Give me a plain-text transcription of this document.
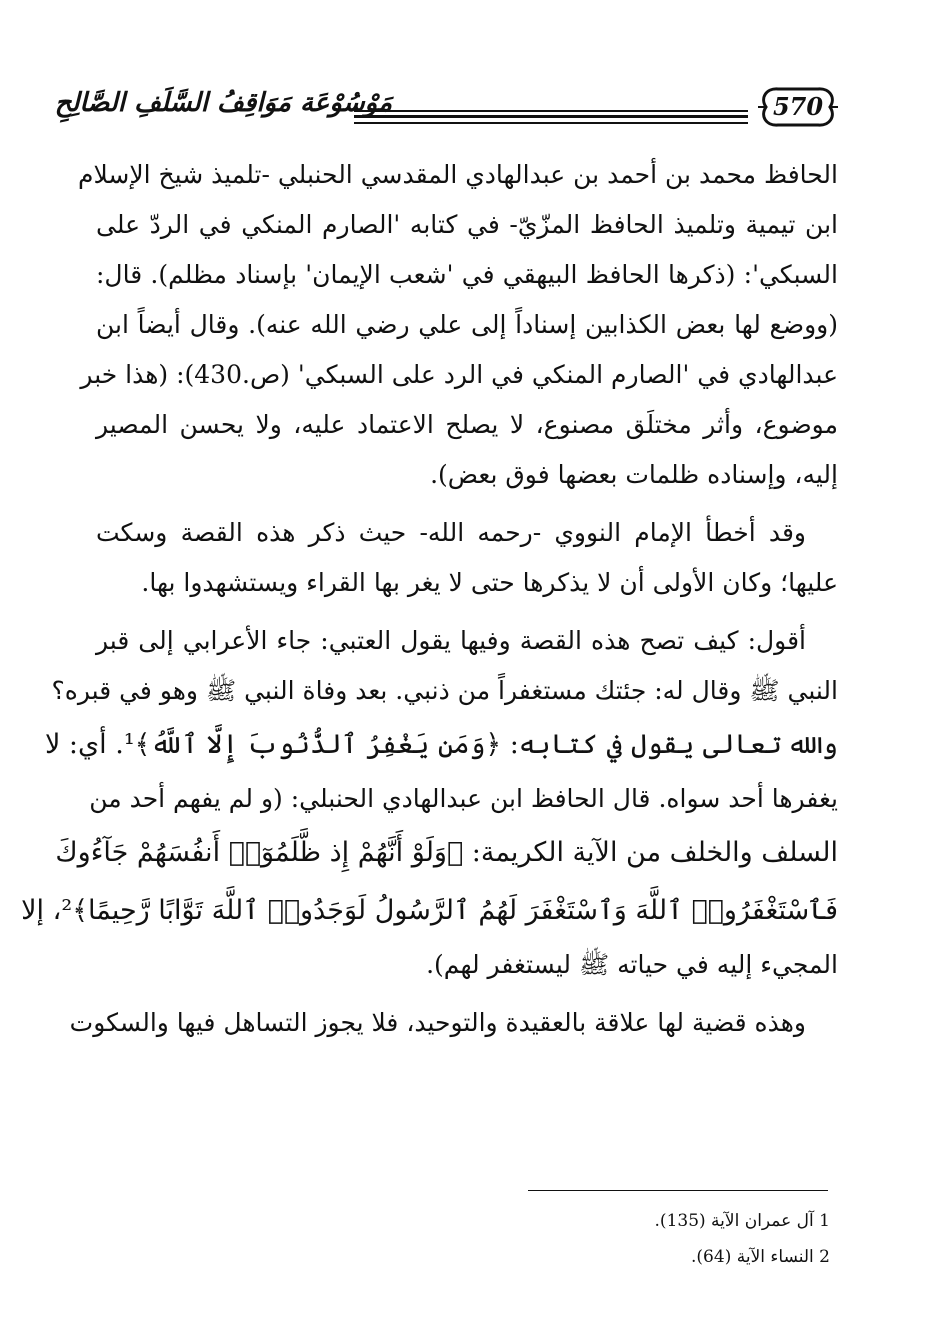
مَوْسُوْعَة مَوَاقِفُ السَّلَفِ الصَّالِحِ	570
الحافظ محمد بن أحمد بن عبدالهادي المقدسي الحنبلي -تلميذ شيخ الإسلام
ابن تيمية وتلميذ الحافظ المزّيّ- في كتابه 'الصارم المنكي في الردّ على
السبكي': (ذكرها الحافظ البيهقي في 'شعب الإيمان' بإسناد مظلم). قال:
(ووضع لها بعض الكذابين إسناداً إلى علي رضي الله عنه). وقال أيضاً ابن
عبدالهادي في 'الصارم المنكي في الرد على السبكي' (ص.430): (هذا خبر
موضوع، وأثر مختلَق مصنوع، لا يصلح الاعتماد عليه، ولا يحسن المصير
إليه، وإسناده ظلمات بعضها فوق بعض).
وقد أخطأ الإمام النووي -رحمه الله- حيث ذكر هذه القصة وسكت
عليها؛ وكان الأولى أن لا يذكرها حتى لا يغر بها القراء ويستشهدوا بها.
أقول: كيف تصح هذه القصة وفيها يقول العتبي: جاء الأعرابي إلى قبر
النبي ﷺ وقال له: جئتك مستغفراً من ذنبي. بعد وفاة النبي ﷺ وهو في قبره؟
والله تعالى يقول في كتابه: ﴿وَمَن يَغْفِرُ ٱلذُّنُوبَ إِلَّا ٱللَّهُ﴾¹. أي: لا
يغفرها أحد سواه. قال الحافظ ابن عبدالهادي الحنبلي: (و لم يفهم أحد من
السلف والخلف من الآية الكريمة: ﴿وَلَوْ أَنَّهُمْ إِذ ظَّلَمُوٓا۟ أَنفُسَهُمْ جَآءُوكَ
فَٱسْتَغْفَرُوا۟ ٱللَّهَ وَٱسْتَغْفَرَ لَهُمُ ٱلرَّسُولُ لَوَجَدُوا۟ ٱللَّهَ تَوَّابًا رَّحِيمًا﴾²، إلا
المجيء إليه في حياته ﷺ ليستغفر لهم).
وهذه قضية لها علاقة بالعقيدة والتوحيد، فلا يجوز التساهل فيها والسكوت
1 آل عمران الآية (135).
2 النساء الآية (64).
